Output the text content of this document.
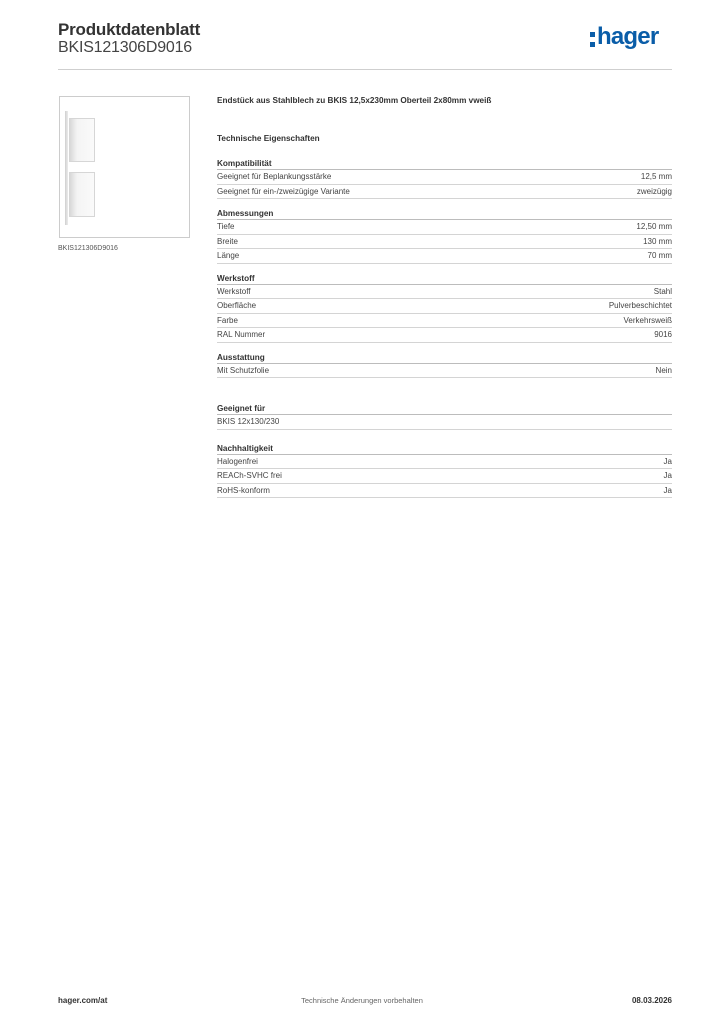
Produktdatenblatt
BKIS121306D9016	hager
BKIS121306D9016
Endstück aus Stahlblech zu BKIS 12,5x230mm Oberteil 2x80mm vweiß
Technische Eigenschaften
Kompatibilität
Geeignet für Beplankungsstärke	12,5 mm
Geeignet für ein-/zweizügige Variante	zweizügig
Abmessungen
Tiefe	12,50 mm
Breite	130 mm
Länge	70 mm
Werkstoff
Werkstoff	Stahl
Oberfläche	Pulverbeschichtet
Farbe	Verkehrsweiß
RAL Nummer	9016
Ausstattung
Mit Schutzfolie	Nein
Geeignet für
BKIS 12x130/230
Nachhaltigkeit
Halogenfrei	Ja
REACh-SVHC frei	Ja
RoHS-konform	Ja
hager.com/at	Technische Änderungen vorbehalten	08.03.2026
